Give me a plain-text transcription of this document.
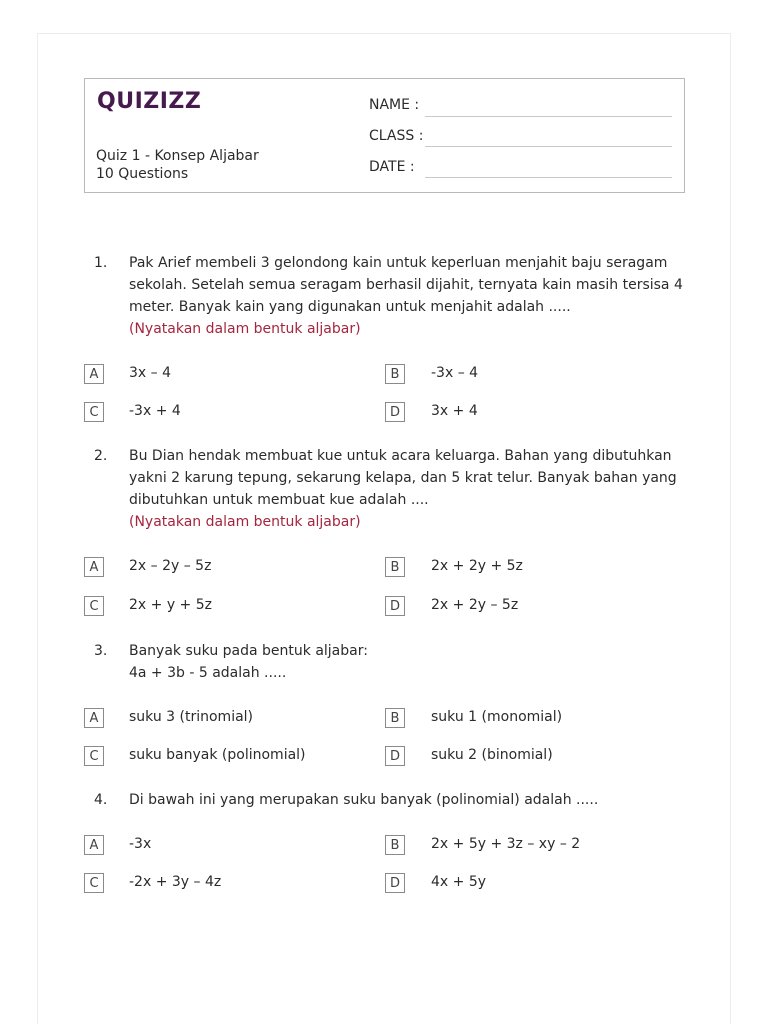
QUIZIZZ
Quiz 1 - Konsep Aljabar
10 Questions
NAME :
CLASS :
DATE :
1. Pak Arief membeli 3 gelondong kain untuk keperluan menjahit baju seragam
sekolah. Setelah semua seragam berhasil dijahit, ternyata kain masih tersisa 4
meter. Banyak kain yang digunakan untuk menjahit adalah .....
(Nyatakan dalam bentuk aljabar)
A	3x – 4	B	-3x – 4
C	-3x + 4	D	3x + 4
2. Bu Dian hendak membuat kue untuk acara keluarga. Bahan yang dibutuhkan
yakni 2 karung tepung, sekarung kelapa, dan 5 krat telur. Banyak bahan yang
dibutuhkan untuk membuat kue adalah ....
(Nyatakan dalam bentuk aljabar)
A	2x – 2y – 5z	B	2x + 2y + 5z
C	2x + y + 5z	D	2x + 2y – 5z
3. Banyak suku pada bentuk aljabar:
4a + 3b - 5 adalah .....
A	suku 3 (trinomial)	B	suku 1 (monomial)
C	suku banyak (polinomial)	D	suku 2 (binomial)
4. Di bawah ini yang merupakan suku banyak (polinomial) adalah .....
A	-3x	B	2x + 5y + 3z – xy – 2
C	-2x + 3y – 4z	D	4x + 5y
